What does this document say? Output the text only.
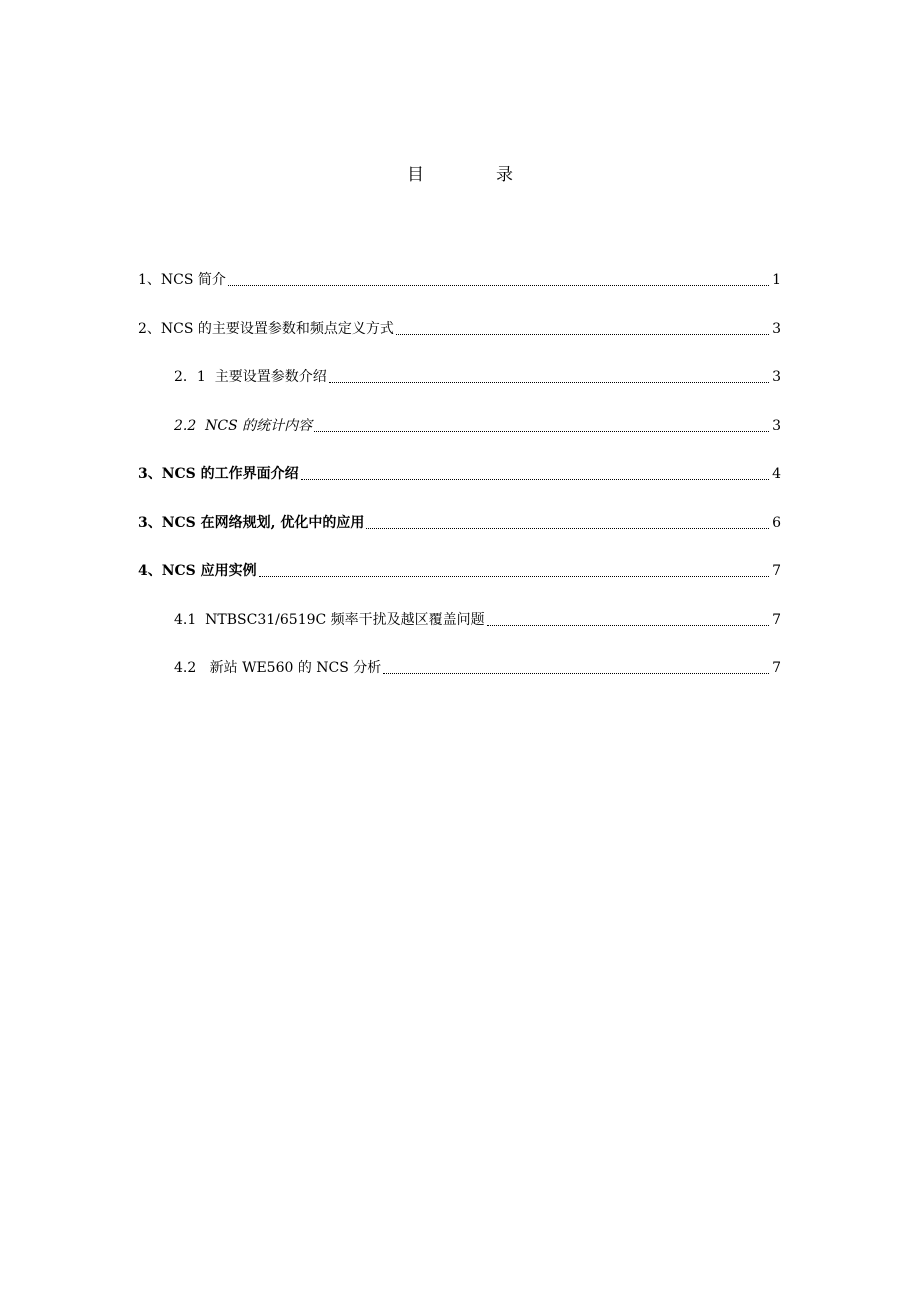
目	录
1、NCS 简介	1
2、NCS 的主要设置参数和频点定义方式	3
2．1  主要设置参数介绍	3
2.2  NCS 的统计内容	3
3、NCS 的工作界面介绍	4
3、NCS 在网络规划, 优化中的应用	6
4、NCS 应用实例	7
4.1  NTBSC31/6519C 频率干扰及越区覆盖问题	7
4.2   新站 WE560 的 NCS 分析	7
